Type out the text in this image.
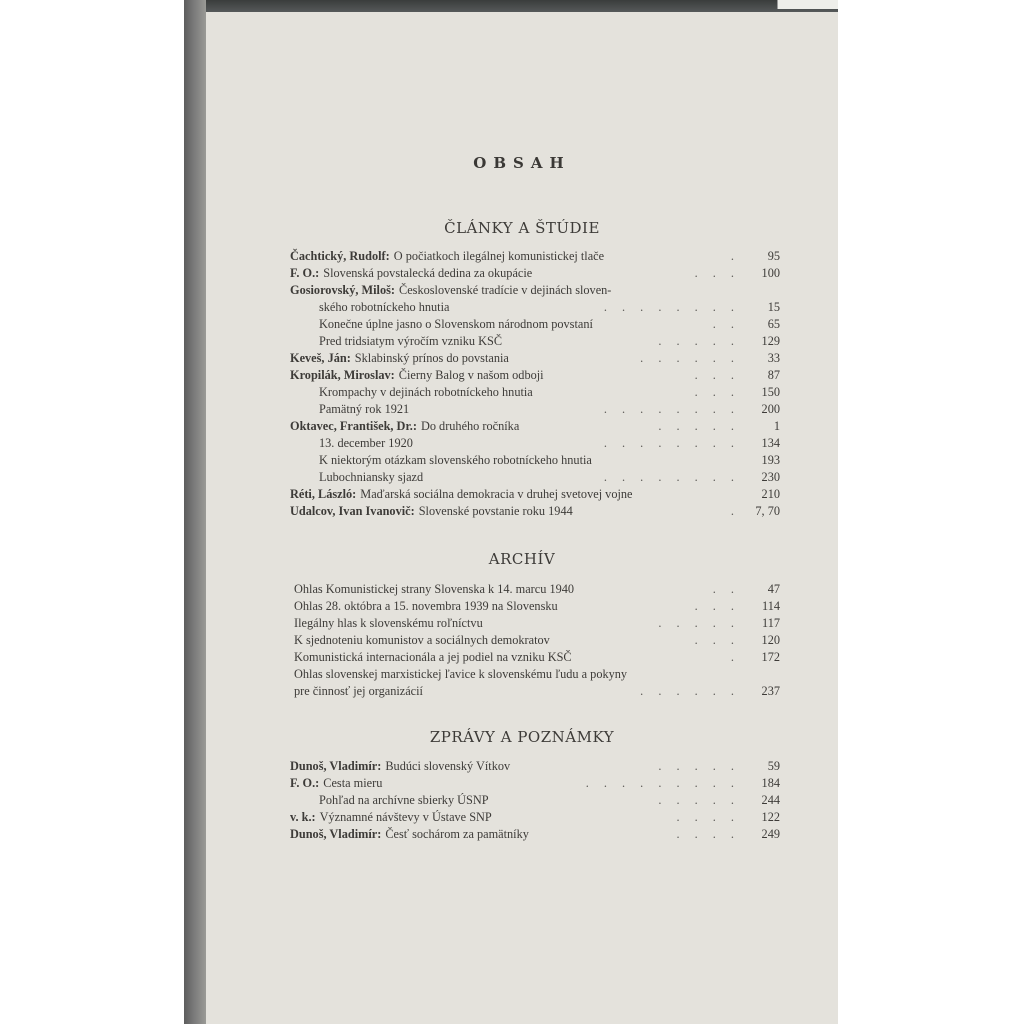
OBSAH
ČLÁNKY A ŠTÚDIE
Čachtický, Rudolf: O počiatkoch ilegálnej komunistickej tlače	. 95
F. O.: Slovenská povstalecká dedina za okupácie	. . . 100
Gosiorovský, Miloš: Československé tradície v dejinách sloven-
ského robotníckeho hnutia	. . . . . . . . 15
Konečne úplne jasno o Slovenskom národnom povstaní	. . 65
Pred tridsiatym výročím vzniku KSČ	. . . . . 129
Keveš, Ján: Sklabinský prínos do povstania	. . . . . . 33
Kropilák, Miroslav: Čierny Balog v našom odboji	. . . 87
Krompachy v dejinách robotníckeho hnutia	. . . 150
Pamätný rok 1921	. . . . . . . . 200
Oktavec, František, Dr.: Do druhého ročníka	. . . . .	1
13. december 1920	. . . . . . . . 134
K niektorým otázkam slovenského robotníckeho hnutia	193
Lubochniansky sjazd	. . . . . . . . 230
Réti, László: Maďarská sociálna demokracia v druhej svetovej vojne	210
Udalcov, Ivan Ivanovič: Slovenské povstanie roku 1944	. 7, 70
ARCHÍV
Ohlas Komunistickej strany Slovenska k 14. marcu 1940	. . 47
Ohlas 28. októbra a 15. novembra 1939 na Slovensku	. . . 114
Ilegálny hlas k slovenskému roľníctvu	. . . . . 117
K sjednoteniu komunistov a sociálnych demokratov	. . . 120
Komunistická internacionála a jej podiel na vzniku KSČ	. 172
Ohlas slovenskej marxistickej ľavice k slovenskému ľudu a pokyny
pre činnosť jej organizácií	. . . . . . 237
ZPRÁVY A POZNÁMKY
Dunoš, Vladimír: Budúci slovenský Vítkov	. . . . . 59
F. O.: Cesta mieru	. . . . . . . . . 184
Pohľad na archívne sbierky ÚSNP	. . . . . 244
v. k.: Významné návštevy v Ústave SNP	. . . . 122
Dunoš, Vladimír: Česť sochárom za pamätníky	. . . . 249
